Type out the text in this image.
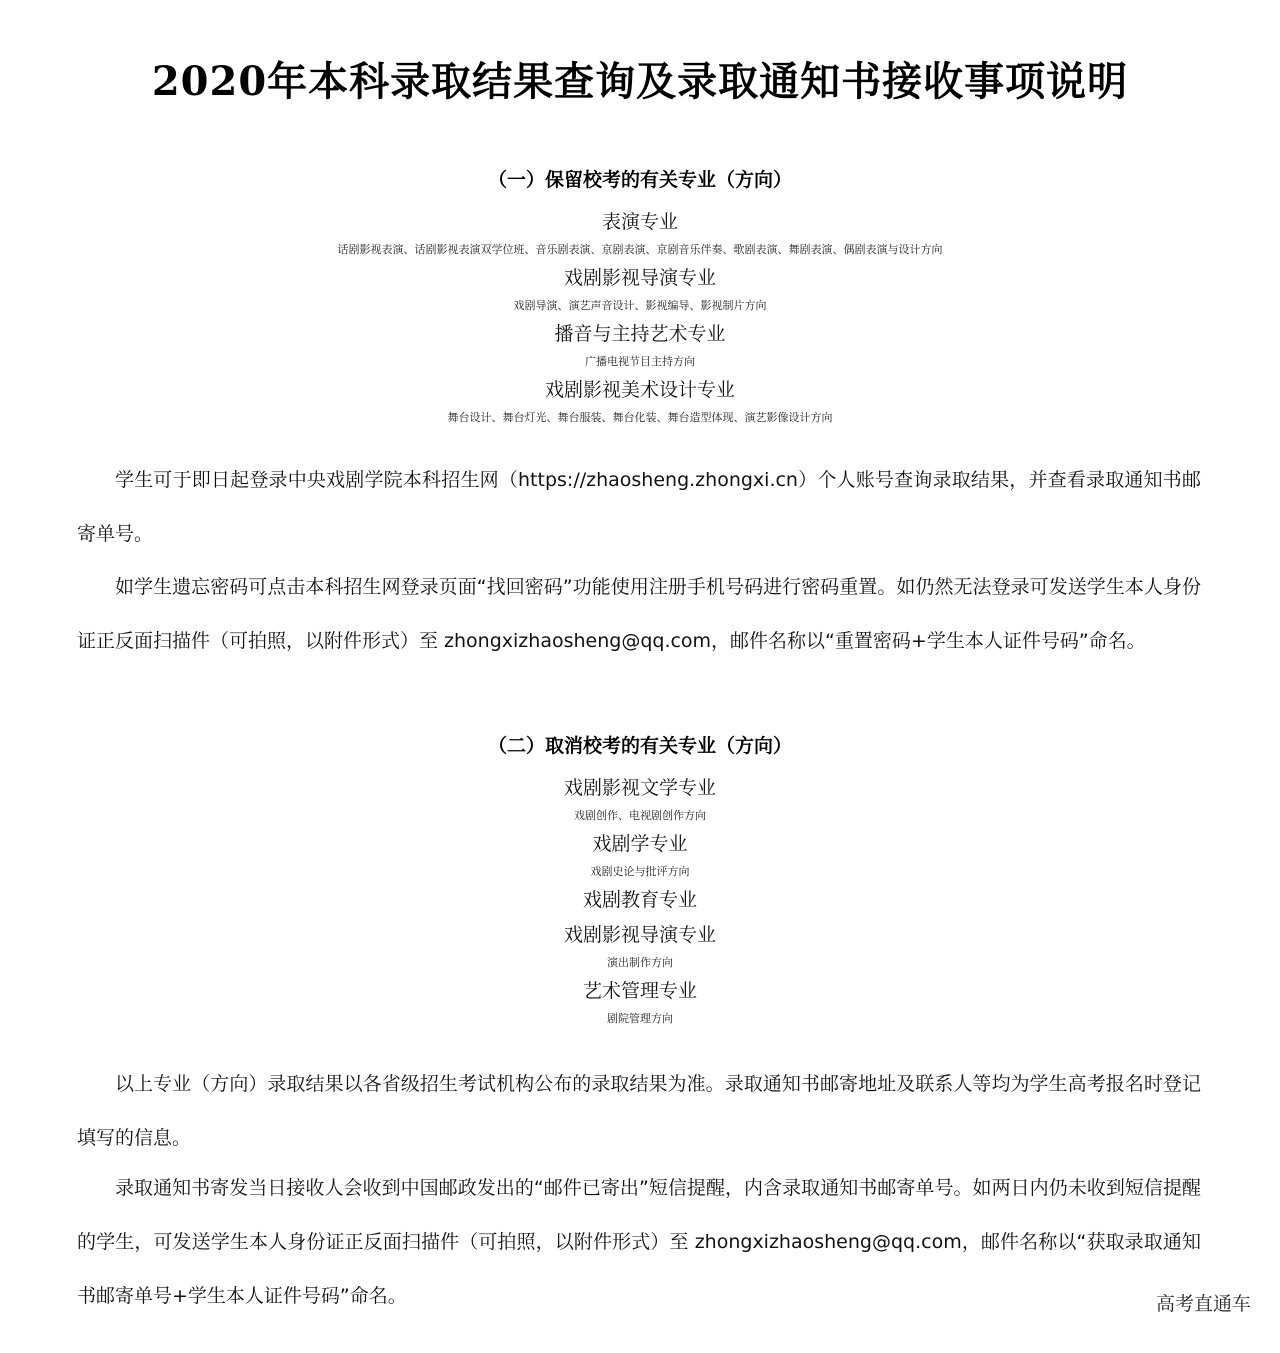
2020年本科录取结果查询及录取通知书接收事项说明
（一）保留校考的有关专业（方向）
表演专业
话剧影视表演、话剧影视表演双学位班、音乐剧表演、京剧表演、京剧音乐伴奏、歌剧表演、舞剧表演、偶剧表演与设计方向
戏剧影视导演专业
戏剧导演、演艺声音设计、影视编导、影视制片方向
播音与主持艺术专业
广播电视节目主持方向
戏剧影视美术设计专业
舞台设计、舞台灯光、舞台服装、舞台化装、舞台造型体现、演艺影像设计方向

学生可于即日起登录中央戏剧学院本科招生网（https://zhaosheng.zhongxi.cn）个人账号查询录取结果，并查看录取通知书邮寄单号。

如学生遗忘密码可点击本科招生网登录页面“找回密码”功能使用注册手机号码进行密码重置。如仍然无法登录可发送学生本人身份证正反面扫描件（可拍照，以附件形式）至 zhongxizhaosheng@qq.com，邮件名称以“重置密码+学生本人证件号码”命名。

（二）取消校考的有关专业（方向）
戏剧影视文学专业
戏剧创作、电视剧创作方向
戏剧学专业
戏剧史论与批评方向
戏剧教育专业
戏剧影视导演专业
演出制作方向
艺术管理专业
剧院管理方向

以上专业（方向）录取结果以各省级招生考试机构公布的录取结果为准。录取通知书邮寄地址及联系人等均为学生高考报名时登记填写的信息。

录取通知书寄发当日接收人会收到中国邮政发出的“邮件已寄出”短信提醒，内含录取通知书邮寄单号。如两日内仍未收到短信提醒的学生，可发送学生本人身份证正反面扫描件（可拍照，以附件形式）至 zhongxizhaosheng@qq.com，邮件名称以“获取录取通知书邮寄单号+学生本人证件号码”命名。	高考直通车
